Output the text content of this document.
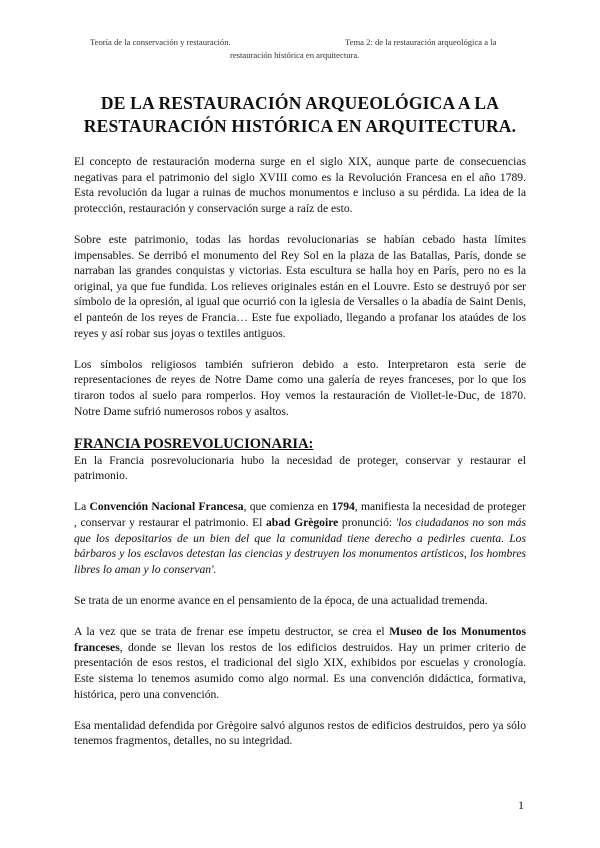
Teoría de la conservación y restauración.	Tema 2: de la restauración arqueológica a la
restauración histórica en arquitectura.
DE LA RESTAURACIÓN ARQUEOLÓGICA A LA RESTAURACIÓN HISTÓRICA EN ARQUITECTURA.

El concepto de restauración moderna surge en el siglo XIX, aunque parte de consecuencias negativas para el patrimonio del siglo XVIII como es la Revolución Francesa en el año 1789. Esta revolución da lugar a ruinas de muchos monumentos e incluso a su pérdida. La idea de la protección, restauración y conservación surge a raíz de esto.

Sobre este patrimonio, todas las hordas revolucionarias se habían cebado hasta límites impensables. Se derribó el monumento del Rey Sol en la plaza de las Batallas, París, donde se narraban las grandes conquistas y victorias. Esta escultura se halla hoy en París, pero no es la original, ya que fue fundida. Los relieves originales están en el Louvre. Esto se destruyó por ser símbolo de la opresión, al igual que ocurrió con la iglesia de Versalles o la abadía de Saint Denis, el panteón de los reyes de Francia… Este fue expoliado, llegando a profanar los ataúdes de los reyes y así robar sus joyas o textiles antiguos.

Los símbolos religiosos también sufrieron debido a esto. Interpretaron esta serie de representaciones de reyes de Notre Dame como una galería de reyes franceses, por lo que los tiraron todos al suelo para romperlos. Hoy vemos la restauración de Viollet-le-Duc, de 1870. Notre Dame sufrió numerosos robos y asaltos.

FRANCIA POSREVOLUCIONARIA:

En la Francia posrevolucionaria hubo la necesidad de proteger, conservar y restaurar el patrimonio.

La Convención Nacional Francesa, que comienza en 1794, manifiesta la necesidad de proteger , conservar y restaurar el patrimonio. El abad Grègoire pronunció: 'los ciudadanos no son más que los depositarios de un bien del que la comunidad tiene derecho a pedirles cuenta. Los bárbaros y los esclavos detestan las ciencias y destruyen los monumentos artísticos, los hombres libres lo aman y lo conservan'.

Se trata de un enorme avance en el pensamiento de la época, de una actualidad tremenda.

A la vez que se trata de frenar ese ímpetu destructor, se crea el Museo de los Monumentos franceses, donde se llevan los restos de los edificios destruidos. Hay un primer criterio de presentación de esos restos, el tradicional del siglo XIX, exhibidos por escuelas y cronología. Este sistema lo tenemos asumido como algo normal. Es una convención didáctica, formativa, histórica, pero una convención.

Esa mentalidad defendida por Grègoire salvó algunos restos de edificios destruidos, pero ya sólo tenemos fragmentos, detalles, no su integridad.

1
